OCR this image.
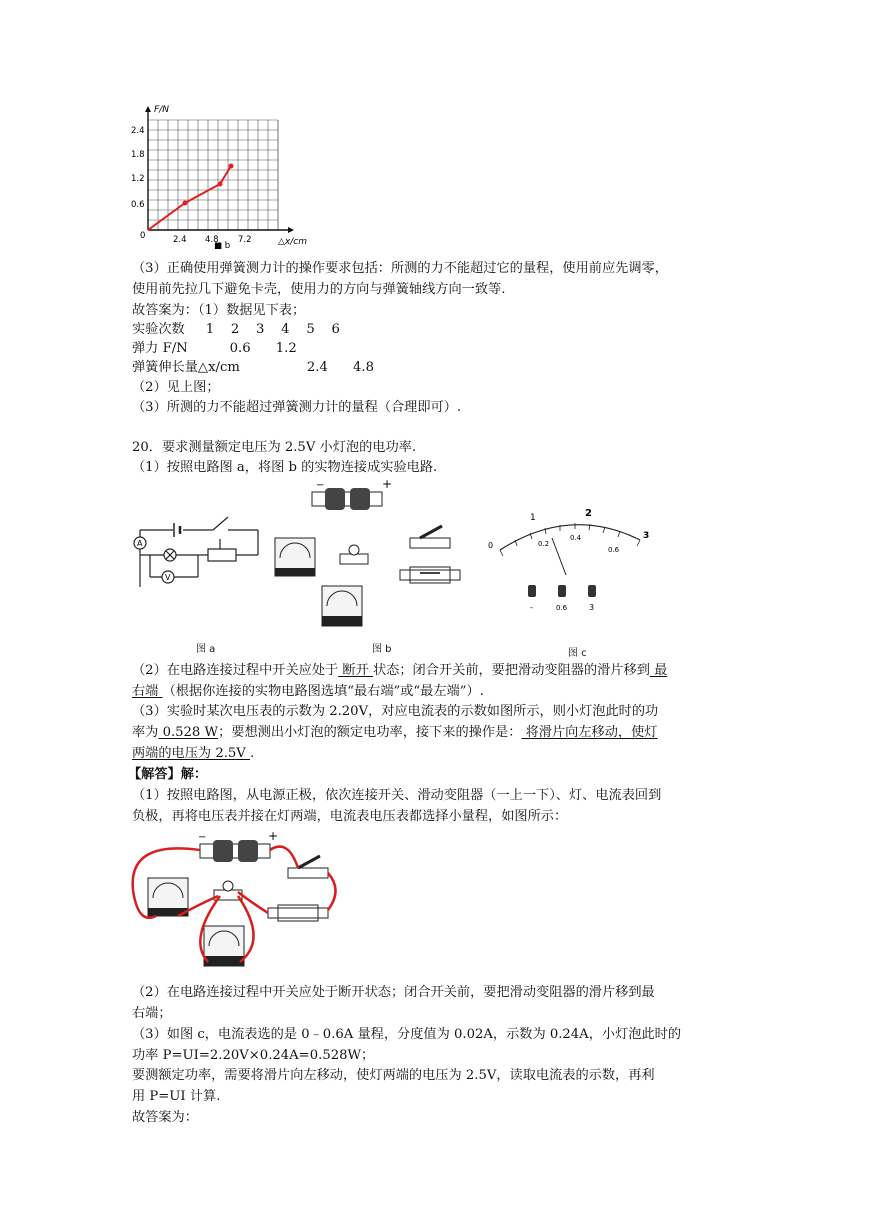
F/N
△x/cm
2.4
1.8
1.2
0.6
0	2.4 4.8 7.2
■ b
（3）正确使用弹簧测力计的操作要求包括：所测的力不能超过它的量程，使用前应先调零，
使用前先拉几下避免卡壳，使用力的方向与弹簧轴线方向一致等.
故答案为：（1）数据见下表；
实验次数     1    2    3    4    5    6
弹力 F/N          0.6      1.2
弹簧伸长量△x/cm                2.4      4.8
（2）见上图；
（3）所测的力不能超过弹簧测力计的量程（合理即可）.
20．要求测量额定电压为 2.5V 小灯泡的电功率.
（1）按照电路图 a，将图 b 的实物连接成实验电路.
A
V
−	+
0
1	2
3
0.2
0.4
0.6
-	0.6	3
图 a	图 b	图 c
（2）在电路连接过程中开关应处于 断开 状态；闭合开关前，要把滑动变阻器的滑片移到 最
右端 （根据你连接的实物电路图选填“最右端”或“最左端”）.
（3）实验时某次电压表的示数为 2.20V，对应电流表的示数如图所示，则小灯泡此时的功
率为 0.528 W；要想测出小灯泡的额定电功率，接下来的操作是： 将滑片向左移动，使灯
两端的电压为 2.5V .
【解答】解：
（1）按照电路图，从电源正极，依次连接开关、滑动变阻器（一上一下）、灯、电流表回到
负极，再将电压表并接在灯两端，电流表电压表都选择小量程，如图所示：
−	+
（2）在电路连接过程中开关应处于断开状态；闭合开关前，要把滑动变阻器的滑片移到最
右端；
（3）如图 c，电流表选的是 0﹣0.6A 量程，分度值为 0.02A，示数为 0.24A，小灯泡此时的
功率 P=UI=2.20V×0.24A=0.528W；
要测额定功率，需要将滑片向左移动，使灯两端的电压为 2.5V，读取电流表的示数，再利
用 P=UI 计算.
故答案为：
